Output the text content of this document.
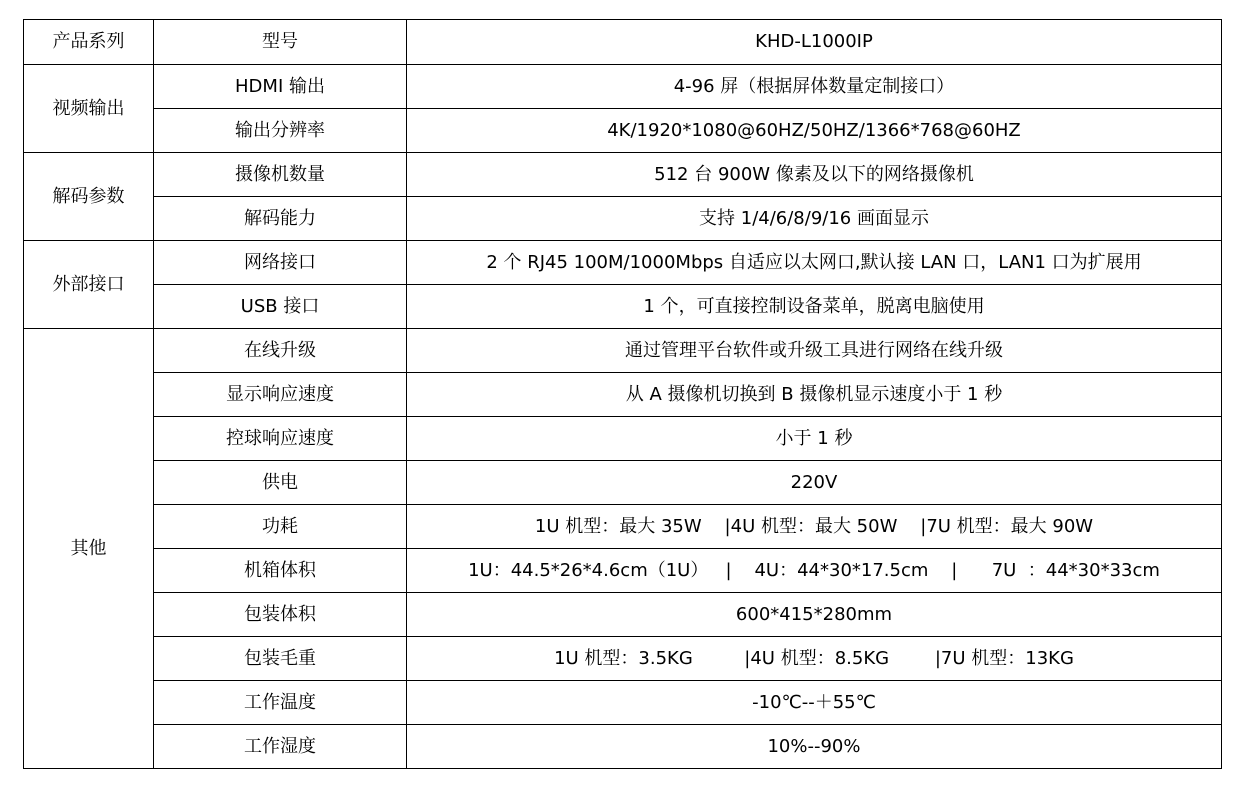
产品系列	型号	KHD-L1000IP
视频输出	HDMI 输出	4-96 屏（根据屏体数量定制接口）
	输出分辨率	4K/1920*1080@60HZ/50HZ/1366*768@60HZ
解码参数	摄像机数量	512 台 900W 像素及以下的网络摄像机
	解码能力	支持 1/4/6/8/9/16 画面显示
外部接口	网络接口	2 个 RJ45 100M/1000Mbps 自适应以太网口,默认接 LAN 口，LAN1 口为扩展用
	USB 接口	1 个，可直接控制设备菜单，脱离电脑使用
其他	在线升级	通过管理平台软件或升级工具进行网络在线升级
	显示响应速度	从 A 摄像机切换到 B 摄像机显示速度小于 1 秒
	控球响应速度	小于 1 秒
	供电	220V
	功耗	1U 机型：最大 35W    |4U 机型：最大 50W    |7U 机型：最大 90W
	机箱体积	1U：44.5*26*4.6cm（1U）   |    4U：44*30*17.5cm    |      7U  ：44*30*33cm
	包装体积	600*415*280mm
	包装毛重	1U 机型：3.5KG         |4U 机型：8.5KG        |7U 机型：13KG
	工作温度	-10℃--＋55℃
	工作湿度	10%--90%
